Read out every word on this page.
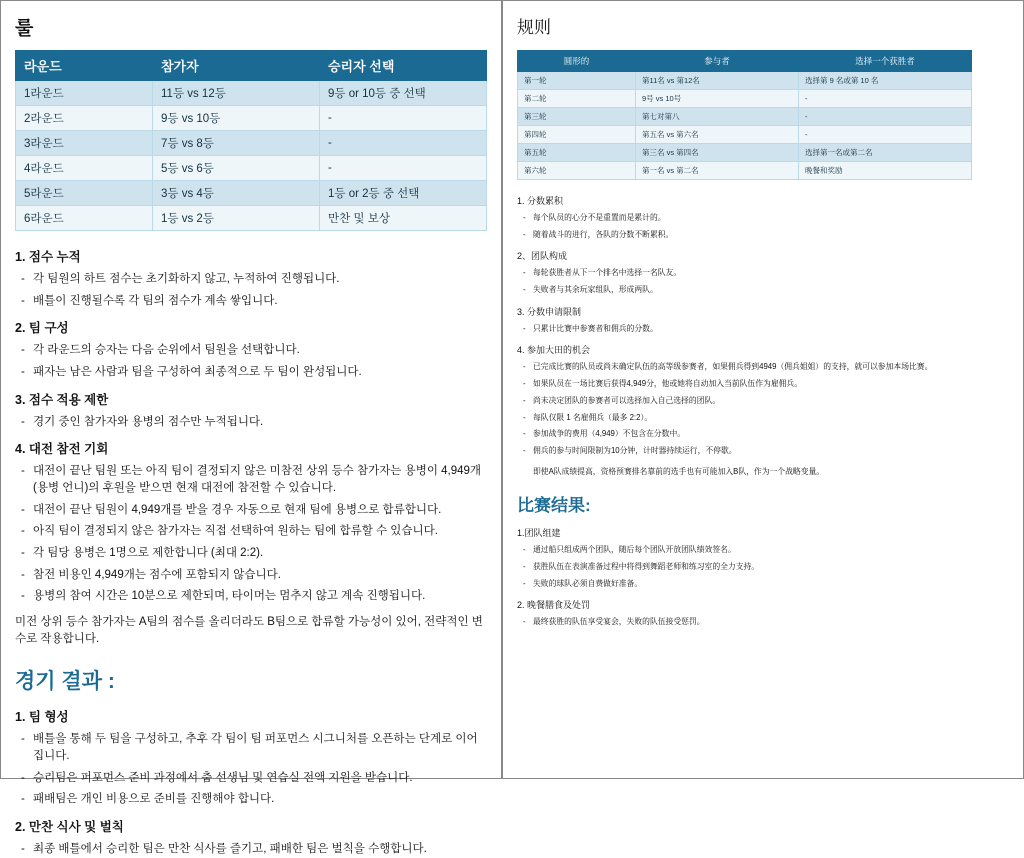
룰
라운드	참가자	승리자 선택
1라운드	11등 vs 12등	9등 or 10등 중 선택
2라운드	9등 vs 10등	-
3라운드	7등 vs 8등	-
4라운드	5등 vs 6등	-
5라운드	3등 vs 4등	1등 or 2등 중 선택
6라운드	1등 vs 2등	만찬 및 보상
1. 점수 누적
- 각 팀원의 하트 점수는 초기화하지 않고, 누적하여 진행됩니다.
- 배틀이 진행될수록 각 팀의 점수가 계속 쌓입니다.
2. 팀 구성
- 각 라운드의 승자는 다음 순위에서 팀원을 선택합니다.
- 패자는 남은 사람과 팀을 구성하여 최종적으로 두 팀이 완성됩니다.
3. 점수 적용 제한
- 경기 중인 참가자와 용병의 점수만 누적됩니다.
4. 대전 참전 기회
- 대전이 끝난 팀원 또는 아직 팀이 결정되지 않은 미참전 상위 등수 참가자는 용병이 4,949개 (용병 언니)의 후원을 받으면 현재 대전에 참전할 수 있습니다.
- 대전이 끝난 팀원이 4,949개를 받을 경우 자동으로 현재 팀에 용병으로 합류합니다.
- 아직 팀이 결정되지 않은 참가자는 직접 선택하여 원하는 팀에 합류할 수 있습니다.
- 각 팀당 용병은 1명으로 제한합니다 (최대 2:2).
- 참전 비용인 4,949개는 점수에 포함되지 않습니다.
- 용병의 참여 시간은 10분으로 제한되며, 타이머는 멈추지 않고 계속 진행됩니다.
미전 상위 등수 참가자는 A팀의 점수를 올리더라도 B팀으로 합류할 가능성이 있어, 전략적인 변수로 작용합니다.
경기 결과 :
1. 팀 형성
- 배틀을 통해 두 팀을 구성하고, 추후 각 팀이 팀 퍼포먼스 시그니처를 오픈하는 단계로 이어집니다.
- 승리팀은 퍼포먼스 준비 과정에서 춤 선생님 및 연습실 전액 지원을 받습니다.
- 패배팀은 개인 비용으로 준비를 진행해야 합니다.
2. 만찬 식사 및 벌칙
- 최종 배틀에서 승리한 팀은 만찬 식사를 즐기고, 패배한 팀은 벌칙을 수행합니다.
规则
圆形的	参与者	选择一个获胜者
第一轮	第11名 vs 第12名	选择第 9 名或第 10 名
第二轮	9号 vs 10号	-
第三轮	第七对第八	-
第四轮	第五名 vs 第六名	-
第五轮	第三名 vs 第四名	选择第一名或第二名
第六轮	第一名 vs 第二名	晚餐和奖励
1. 分数累积
- 每个队员的心分不是重置而是累计的。
- 随着战斗的进行，各队的分数不断累积。
2、团队构成
- 每轮获胜者从下一个排名中选择一名队友。
- 失败者与其余玩家组队，形成两队。
3. 分数申请限制
- 只累计比赛中参赛者和佣兵的分数。
4. 参加大田的机会
- 已完成比赛的队员或尚未确定队伍的高等级参赛者，如果佣兵得到4949（佣兵姐姐）的支持，就可以参加本场比赛。
- 如果队员在一场比赛后获得4,949分，他或她将自动加入当前队伍作为雇佣兵。
- 尚未决定团队的参赛者可以选择加入自己选择的团队。
- 每队仅限 1 名雇佣兵（最多 2:2）。
- 参加战争的费用（4,949）不包含在分数中。
- 佣兵的参与时间限制为10分钟，计时器持续运行，不停歇。
即使A队成绩提高，资格预赛排名靠前的选手也有可能加入B队，作为一个战略变量。
比赛结果:
1.团队组建
- 通过船只组成两个团队，随后每个团队开放团队绩效签名。
- 获胜队伍在表演准备过程中将得到舞蹈老师和练习室的全力支持。
- 失败的球队必须自费做好准备。
2. 晚餐膳食及处罚
- 最终获胜的队伍享受宴会，失败的队伍接受惩罚。
